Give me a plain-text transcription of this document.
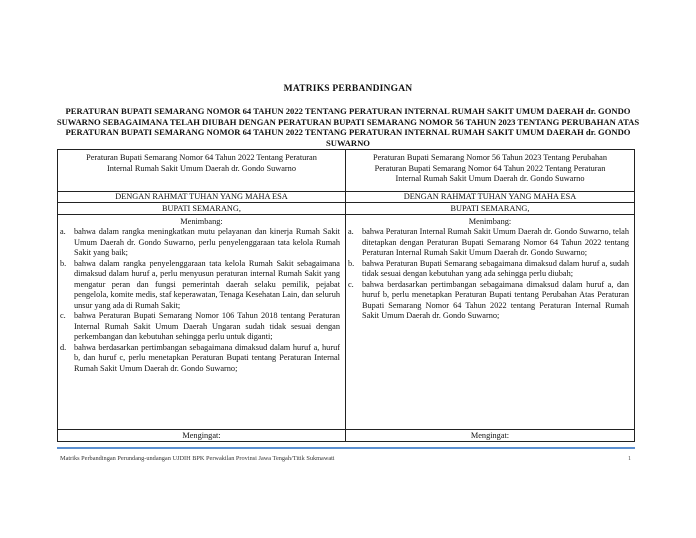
MATRIKS PERBANDINGAN
PERATURAN BUPATI SEMARANG NOMOR 64 TAHUN 2022 TENTANG PERATURAN INTERNAL RUMAH SAKIT UMUM DAERAH dr. GONDO SUWARNO SEBAGAIMANA TELAH DIUBAH DENGAN PERATURAN BUPATI SEMARANG NOMOR 56 TAHUN 2023 TENTANG PERUBAHAN ATAS PERATURAN BUPATI SEMARANG NOMOR 64 TAHUN 2022 TENTANG PERATURAN INTERNAL RUMAH SAKIT UMUM DAERAH dr. GONDO SUWARNO
Peraturan Bupati Semarang Nomor 64 Tahun 2022 Tentang Peraturan Internal Rumah Sakit Umum Daerah dr. Gondo Suwarno
DENGAN RAHMAT TUHAN YANG MAHA ESA
BUPATI SEMARANG,
Menimbang:
a. bahwa dalam rangka meningkatkan mutu pelayanan dan kinerja Rumah Sakit Umum Daerah dr. Gondo Suwarno, perlu penyelenggaraan tata kelola Rumah Sakit yang baik;
b. bahwa dalam rangka penyelenggaraan tata kelola Rumah Sakit sebagaimana dimaksud dalam huruf a, perlu menyusun peraturan internal Rumah Sakit yang mengatur peran dan fungsi pemerintah daerah selaku pemilik, pejabat pengelola, komite medis, staf keperawatan, Tenaga Kesehatan Lain, dan seluruh unsur yang ada di Rumah Sakit;
c. bahwa Peraturan Bupati Semarang Nomor 106 Tahun 2018 tentang Peraturan Internal Rumah Sakit Umum Daerah Ungaran sudah tidak sesuai dengan perkembangan dan kebutuhan sehingga perlu untuk diganti;
d. bahwa berdasarkan pertimbangan sebagaimana dimaksud dalam huruf a, huruf b, dan huruf c, perlu menetapkan Peraturan Bupati tentang Peraturan Internal Rumah Sakit Umum Daerah dr. Gondo Suwarno;
Mengingat:
Peraturan Bupati Semarang Nomor 56 Tahun 2023 Tentang Perubahan Peraturan Bupati Semarang Nomor 64 Tahun 2022 Tentang Peraturan Internal Rumah Sakit Umum Daerah dr. Gondo Suwarno
DENGAN RAHMAT TUHAN YANG MAHA ESA
BUPATI SEMARANG,
Menimbang:
a. bahwa Peraturan Internal Rumah Sakit Umum Daerah dr. Gondo Suwarno, telah ditetapkan dengan Peraturan Bupati Semarang Nomor 64 Tahun 2022 tentang Peraturan Internal Rumah Sakit Umum Daerah dr. Gondo Suwarno;
b. bahwa Peraturan Bupati Semarang sebagaimana dimaksud dalam huruf a, sudah tidak sesuai dengan kebutuhan yang ada sehingga perlu diubah;
c. bahwa berdasarkan pertimbangan sebagaimana dimaksud dalam huruf a, dan huruf b, perlu menetapkan Peraturan Bupati tentang Perubahan Atas Peraturan Bupati Semarang Nomor 64 Tahun 2022 tentang Peraturan Internal Rumah Sakit Umum Daerah dr. Gondo Suwarno;
Mengingat:
Matriks Perbandingan Perundang-undangan UJDIH BPK Perwakilan Provinsi Jawa Tengah/Titik Sukmawati	1
